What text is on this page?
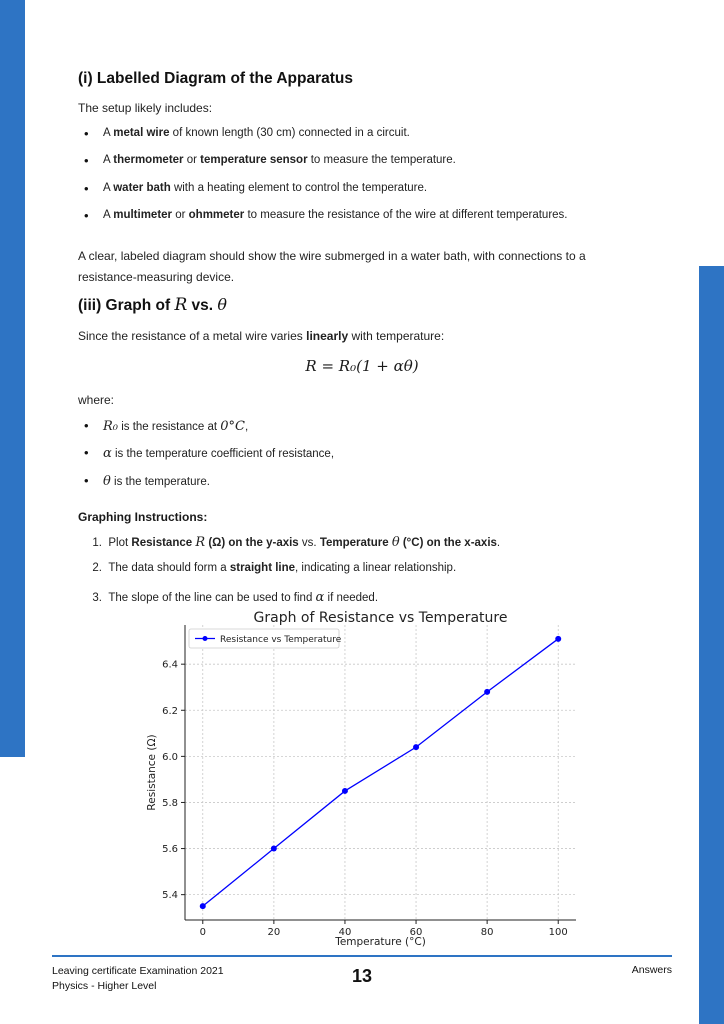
(i) Labelled Diagram of the Apparatus
The setup likely includes:
• A metal wire of known length (30 cm) connected in a circuit.
• A thermometer or temperature sensor to measure the temperature.
• A water bath with a heating element to control the temperature.
• A multimeter or ohmmeter to measure the resistance of the wire at different temperatures.
A clear, labeled diagram should show the wire submerged in a water bath, with connections to a
resistance-measuring device.
(iii) Graph of R vs. θ
Since the resistance of a metal wire varies linearly with temperature:
R = R₀(1 + αθ)
where:
• R₀ is the resistance at 0°C,
• α is the temperature coefficient of resistance,
• θ is the temperature.
Graphing Instructions:
1. Plot Resistance R (Ω) on the y-axis vs. Temperature θ (°C) on the x-axis.
2. The data should form a straight line, indicating a linear relationship.
3. The slope of the line can be used to find α if needed.
Graph of Resistance vs Temperature
0	20	40	60	80	100
5.4
5.6
5.8
6.0
6.2
6.4
Temperature (°C)
Resistance (Ω)
Resistance vs Temperature
Leaving certificate Examination 2021
Physics - Higher Level	13	Answers
